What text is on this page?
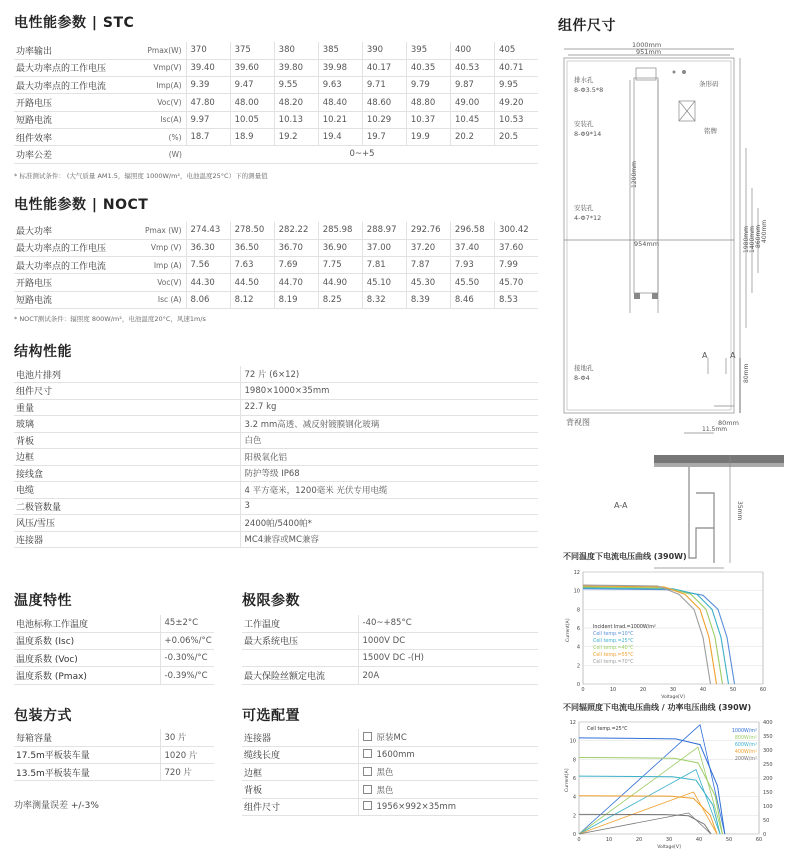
电性能参数 | STC
功率输出	Pmax(W)	370	375	380	385	390	395	400	405
最大功率点的工作电压	Vmp(V)	39.40	39.60	39.80	39.98	40.17	40.35	40.53	40.71
最大功率点的工作电流	Imp(A)	9.39	9.47	9.55	9.63	9.71	9.79	9.87	9.95
开路电压	Voc(V)	47.80	48.00	48.20	48.40	48.60	48.80	49.00	49.20
短路电流	Isc(A)	9.97	10.05	10.13	10.21	10.29	10.37	10.45	10.53
组件效率	(%)	18.7	18.9	19.2	19.4	19.7	19.9	20.2	20.5
功率公差	(W)	0~+5							
* 标准测试条件： (大气质量 AM1.5，辐照度 1000W/m²，电池温度25°C）下的测量值
电性能参数 | NOCT
最大功率	Pmax (W)	274.43	278.50	282.22	285.98	288.97	292.76	296.58	300.42
最大功率点的工作电压	Vmp (V)	36.30	36.50	36.70	36.90	37.00	37.20	37.40	37.60
最大功率点的工作电流	Imp (A)	7.56	7.63	7.69	7.75	7.81	7.87	7.93	7.99
开路电压	Voc(V)	44.30	44.50	44.70	44.90	45.10	45.30	45.50	45.70
短路电流	Isc (A)	8.06	8.12	8.19	8.25	8.32	8.39	8.46	8.53
* NOCT测试条件：辐照度 800W/m²，电池温度20°C，风速1m/s
结构性能
电池片排列	72 片 (6×12)
组件尺寸	1980×1000×35mm
重量	22.7 kg
玻璃	3.2 mm高透、减反射镀膜钢化玻璃
背板	白色
边框	阳极氧化铝
接线盒	防护等级 IP68
电缆	4 平方毫米，1200毫米 光伏专用电缆
二极管数量	3
风压/雪压	2400帕/5400帕*
连接器	MC4兼容或MC兼容
温度特性
电池标称工作温度	45±2°C
温度系数 (Isc)	+0.06%/°C
温度系数 (Voc)	-0.30%/°C
温度系数 (Pmax)	-0.39%/°C
极限参数
工作温度	-40~+85°C
最大系统电压	1000V DC
	1500V DC -(H)
最大保险丝额定电流	20A
包装方式
每箱容量	30 片
17.5m平板装车量	1020 片
13.5m平板装车量	720 片
功率测量误差 +/-3%
可选配置
连接器	原装MC
缆线长度	1600mm
边框	黑色
背板	黑色
组件尺寸	1956×992×35mm
组件尺寸
1000mm
951mm
排水孔
8-Φ3.5*8
条形码
安装孔
8-Φ9*14	铭牌
安装孔
4-Φ7*12
954mm
接地孔
8-Φ4
背视图	80mm
A	A
1200mm
400mm
860mm
1400mm
1980mm
80mm
11.5mm
35mm
A-A
不同温度下电流电压曲线 (390W)
0
2
4
6
8
10
12
0	10	20	30	40	50	60
Voltage[V]
Current[A]	Incident Irrad.=1000W/m²
Cell temp.=10°C
Cell temp.=25°C
Cell temp.=40°C
Cell temp.=55°C
Cell temp.=70°C
不同辐照度下电流电压曲线 / 功率电压曲线 (390W)
0
2
4
6
8
10
12
0
50
100
150
200
250
300
350
400
0	10	20	30	40	50	60
Voltage[V]
Current[A]
Cell temp.=25°C	1000W/m²
800W/m²
600W/m²
400W/m²
200W/m²
